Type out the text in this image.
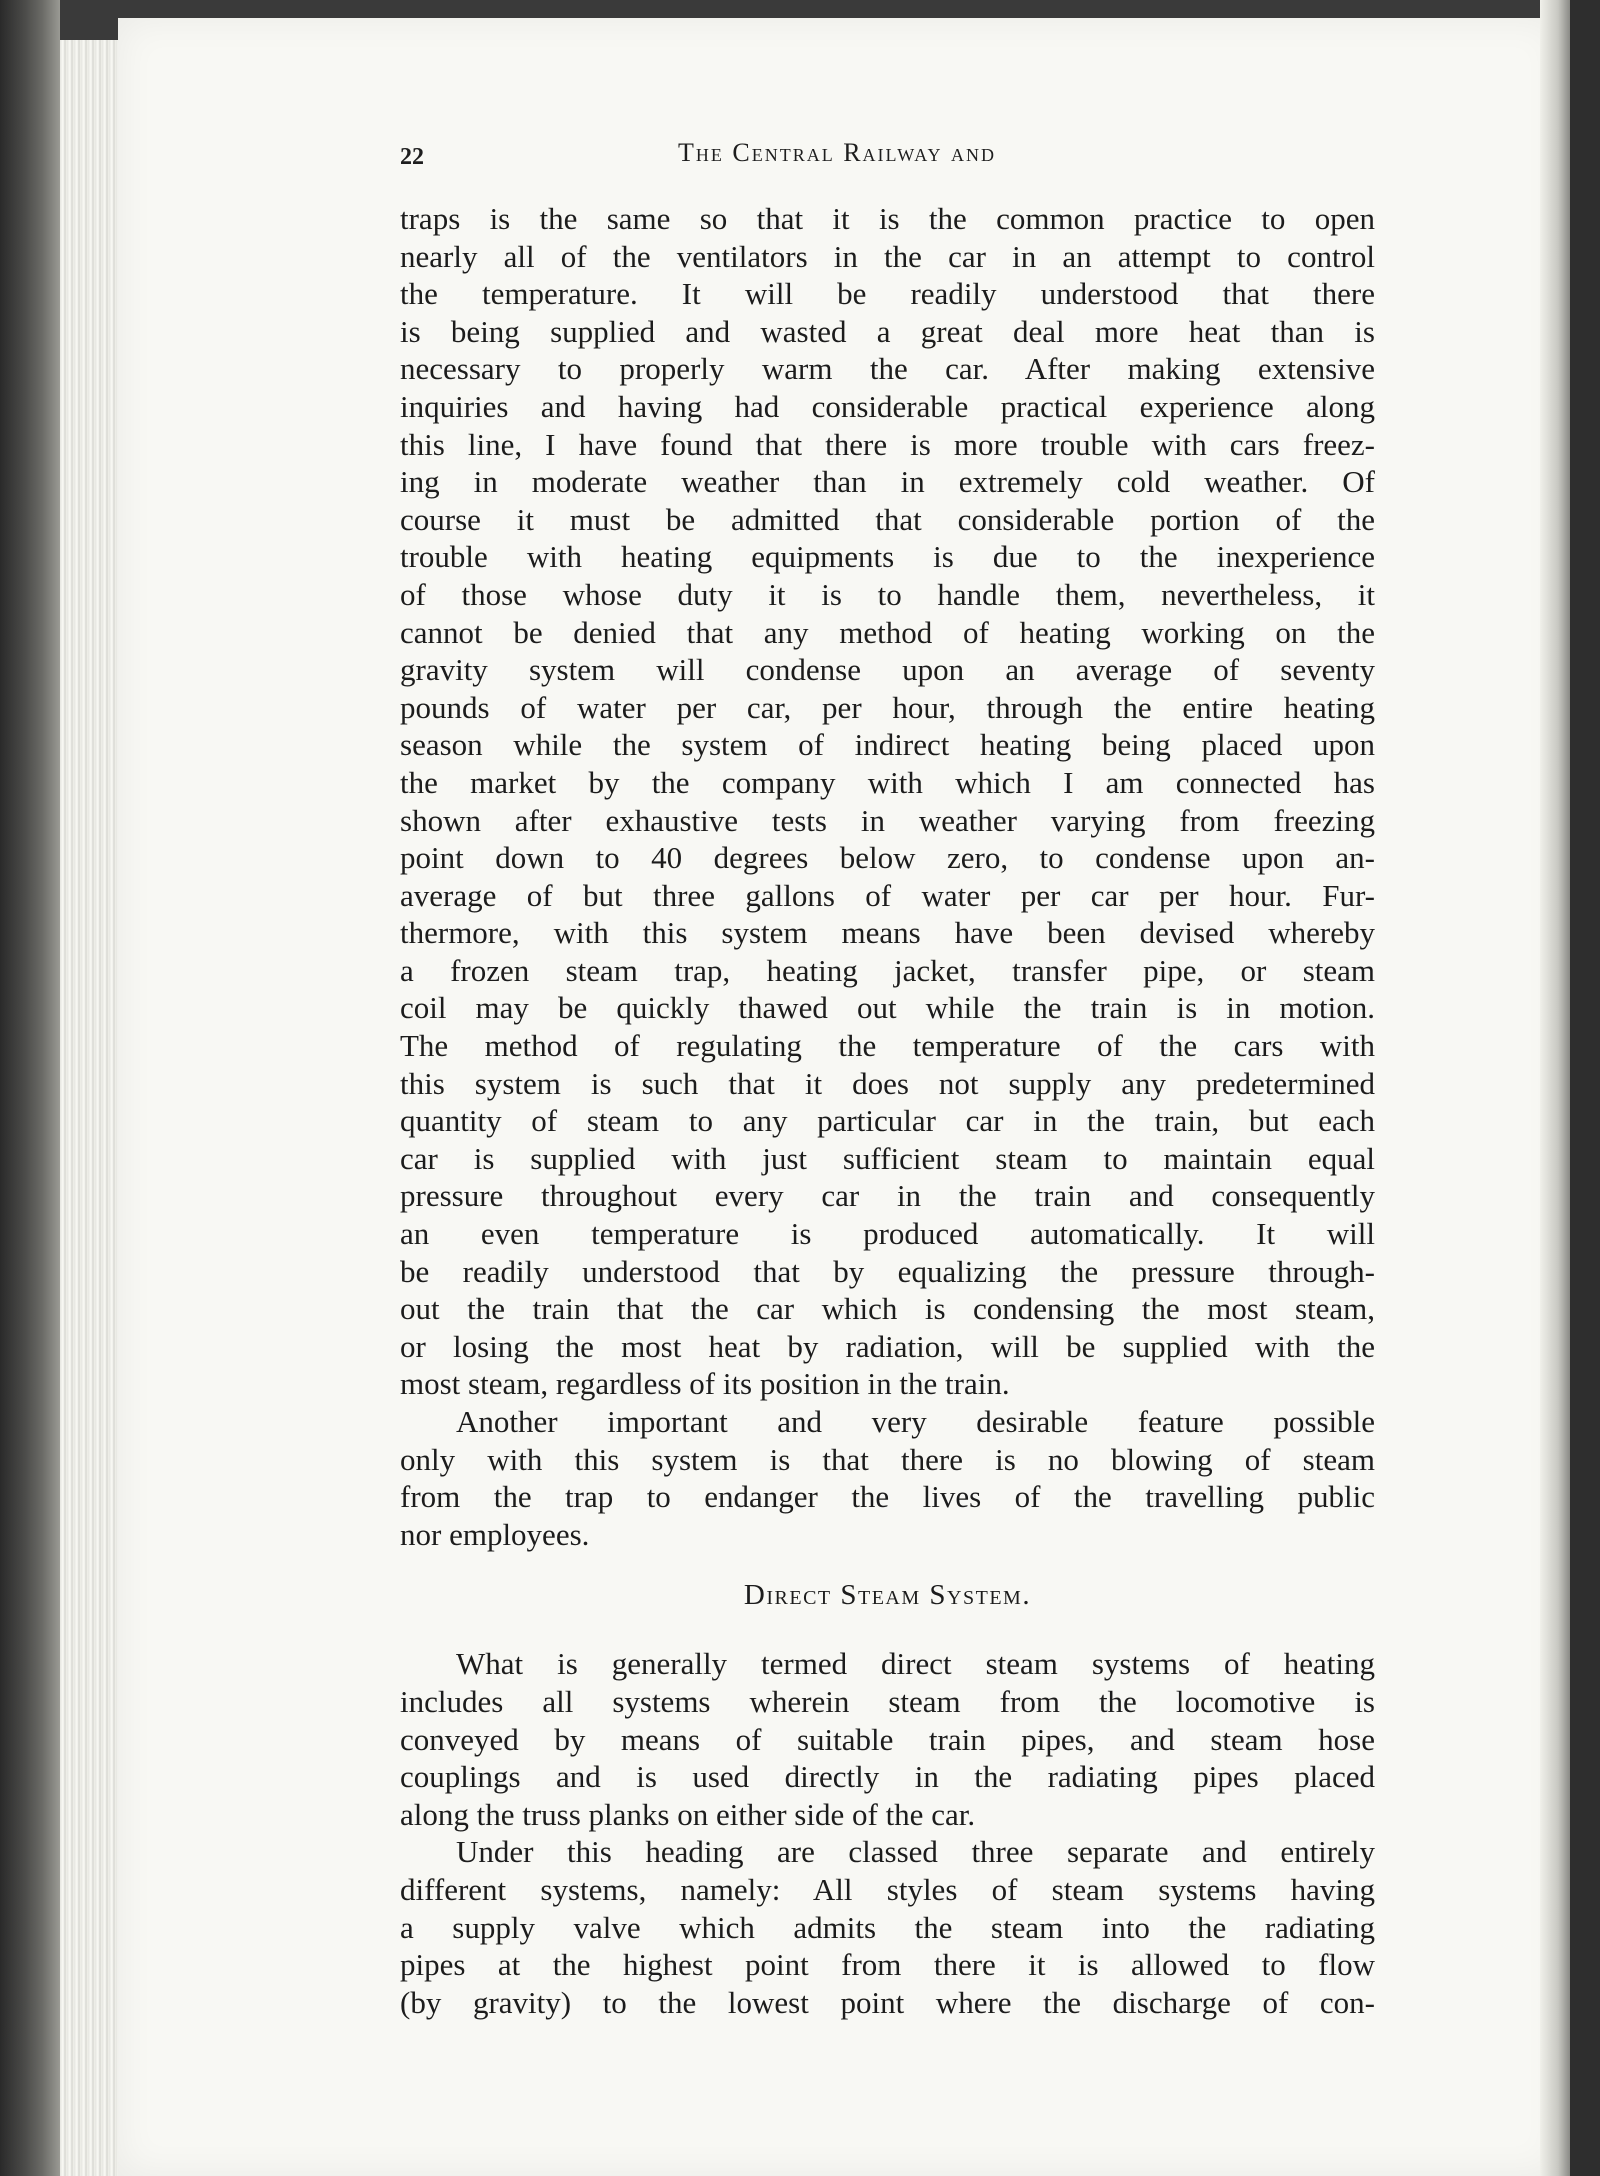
22	The Central Railway and
traps is the same so that it is the common practice to open
nearly all of the ventilators in the car in an attempt to control
the temperature. It will be readily understood that there
is being supplied and wasted a great deal more heat than is
necessary to properly warm the car. After making extensive
inquiries and having had considerable practical experience along
this line, I have found that there is more trouble with cars freez-
ing in moderate weather than in extremely cold weather. Of
course it must be admitted that considerable portion of the
trouble with heating equipments is due to the inexperience
of those whose duty it is to handle them, nevertheless, it
cannot be denied that any method of heating working on the
gravity system will condense upon an average of seventy
pounds of water per car, per hour, through the entire heating
season while the system of indirect heating being placed upon
the market by the company with which I am connected has
shown after exhaustive tests in weather varying from freezing
point down to 40 degrees below zero, to condense upon an-
average of but three gallons of water per car per hour. Fur-
thermore, with this system means have been devised whereby
a frozen steam trap, heating jacket, transfer pipe, or steam
coil may be quickly thawed out while the train is in motion.
The method of regulating the temperature of the cars with
this system is such that it does not supply any predetermined
quantity of steam to any particular car in the train, but each
car is supplied with just sufficient steam to maintain equal
pressure throughout every car in the train and consequently
an even temperature is produced automatically. It will
be readily understood that by equalizing the pressure through-
out the train that the car which is condensing the most steam,
or losing the most heat by radiation, will be supplied with the
most steam, regardless of its position in the train.
Another important and very desirable feature possible
only with this system is that there is no blowing of steam
from the trap to endanger the lives of the travelling public
nor employees.
Direct Steam System.
What is generally termed direct steam systems of heating
includes all systems wherein steam from the locomotive is
conveyed by means of suitable train pipes, and steam hose
couplings and is used directly in the radiating pipes placed
along the truss planks on either side of the car.
Under this heading are classed three separate and entirely
different systems, namely: All styles of steam systems having
a supply valve which admits the steam into the radiating
pipes at the highest point from there it is allowed to flow
(by gravity) to the lowest point where the discharge of con-
